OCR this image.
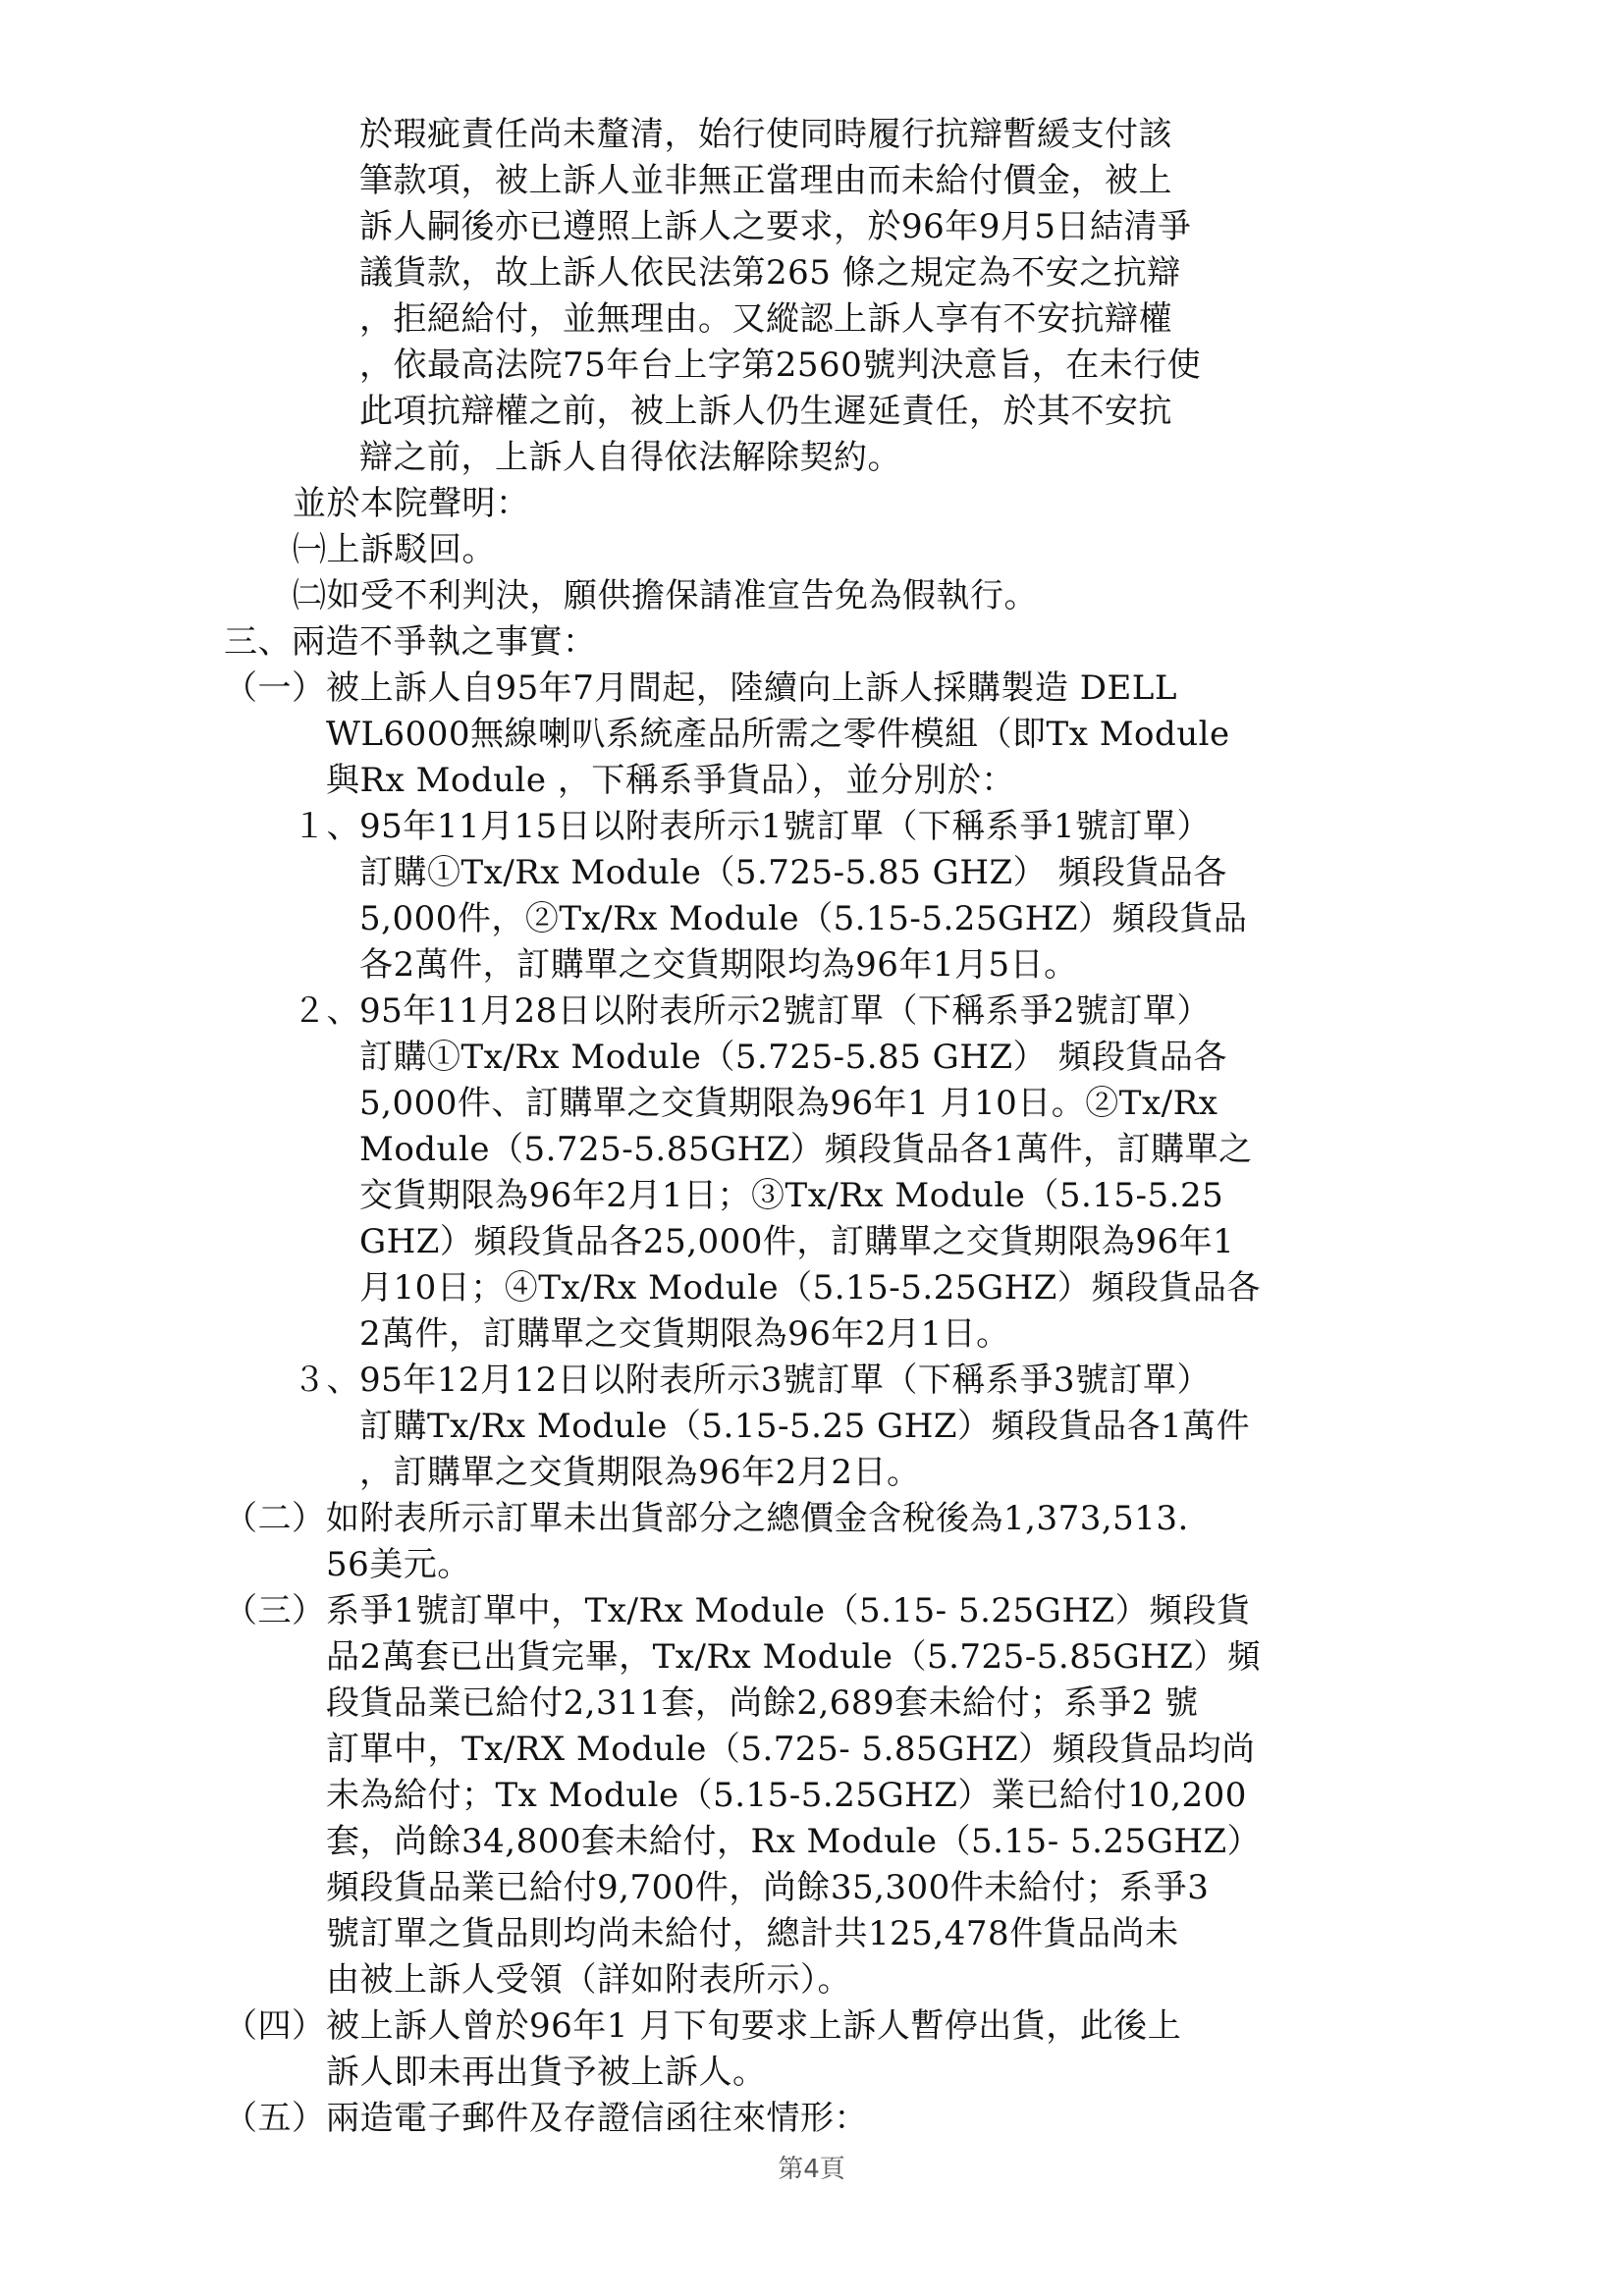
於瑕疵責任尚未釐清，始行使同時履行抗辯暫緩支付該
筆款項，被上訴人並非無正當理由而未給付價金，被上
訴人嗣後亦已遵照上訴人之要求，於96年9月5日結清爭
議貨款，故上訴人依民法第265 條之規定為不安之抗辯
，拒絕給付，並無理由。又縱認上訴人享有不安抗辯權
，依最高法院75年台上字第2560號判決意旨，在未行使
此項抗辯權之前，被上訴人仍生遲延責任，於其不安抗
辯之前，上訴人自得依法解除契約。
並於本院聲明：
㈠上訴駁回。
㈡如受不利判決，願供擔保請准宣告免為假執行。
三、兩造不爭執之事實：
（一） 被上訴人自95年7月間起，陸續向上訴人採購製造 DELL
WL6000無線喇叭系統產品所需之零件模組（即Tx Module
與Rx Module ，下稱系爭貨品），並分別於：
１、 95年11月15日以附表所示1號訂單（下稱系爭1號訂單）
訂購①Tx/Rx Module（5.725-5.85 GHZ） 頻段貨品各
5,000件，②Tx/Rx Module（5.15-5.25GHZ）頻段貨品
各2萬件，訂購單之交貨期限均為96年1月5日。
２、 95年11月28日以附表所示2號訂單（下稱系爭2號訂單）
訂購①Tx/Rx Module（5.725-5.85 GHZ） 頻段貨品各
5,000件、訂購單之交貨期限為96年1 月10日。②Tx/Rx
Module（5.725-5.85GHZ）頻段貨品各1萬件，訂購單之
交貨期限為96年2月1日；③Tx/Rx Module（5.15-5.25
GHZ）頻段貨品各25,000件，訂購單之交貨期限為96年1
月10日；④Tx/Rx Module（5.15-5.25GHZ）頻段貨品各
2萬件，訂購單之交貨期限為96年2月1日。
３、 95年12月12日以附表所示3號訂單（下稱系爭3號訂單）
訂購Tx/Rx Module（5.15-5.25 GHZ）頻段貨品各1萬件
，訂購單之交貨期限為96年2月2日。
（二） 如附表所示訂單未出貨部分之總價金含稅後為1,373,513.
56美元。
（三） 系爭1號訂單中，Tx/Rx Module（5.15- 5.25GHZ）頻段貨
品2萬套已出貨完畢，Tx/Rx Module（5.725-5.85GHZ）頻
段貨品業已給付2,311套，尚餘2,689套未給付；系爭2 號
訂單中，Tx/RX Module（5.725- 5.85GHZ）頻段貨品均尚
未為給付；Tx Module（5.15-5.25GHZ）業已給付10,200
套，尚餘34,800套未給付，Rx Module（5.15- 5.25GHZ）
頻段貨品業已給付9,700件，尚餘35,300件未給付；系爭3
號訂單之貨品則均尚未給付，總計共125,478件貨品尚未
由被上訴人受領（詳如附表所示）。
（四） 被上訴人曾於96年1 月下旬要求上訴人暫停出貨，此後上
訴人即未再出貨予被上訴人。
（五） 兩造電子郵件及存證信函往來情形：
第4頁
